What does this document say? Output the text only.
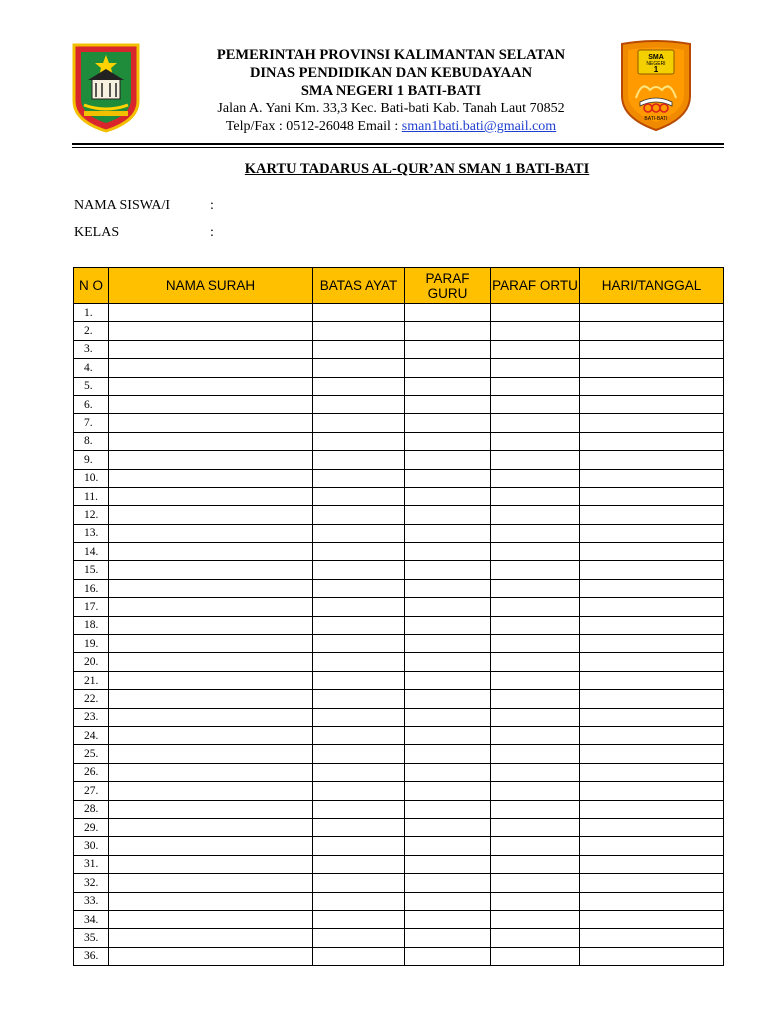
PEMERINTAH PROVINSI KALIMANTAN SELATAN
DINAS PENDIDIKAN DAN KEBUDAYAAN
SMA NEGERI 1 BATI-BATI
Jalan A. Yani Km. 33,3 Kec. Bati-bati Kab. Tanah Laut 70852
Telp/Fax : 0512-26048 Email : sman1bati.bati@gmail.com
SMA
NEGERI
1
BATI-BATI
KARTU TADARUS AL-QUR’AN SMAN 1 BATI-BATI
NAMA SISWA/I	:
KELAS	:
N O	NAMA SURAH	BATAS AYAT	PARAF GURU	PARAF ORTU	HARI/TANGGAL
1.					
2.					
3.					
4.					
5.					
6.					
7.					
8.					
9.					
10.					
11.					
12.					
13.					
14.					
15.					
16.					
17.					
18.					
19.					
20.					
21.					
22.					
23.					
24.					
25.					
26.					
27.					
28.					
29.					
30.					
31.					
32.					
33.					
34.					
35.					
36.					
